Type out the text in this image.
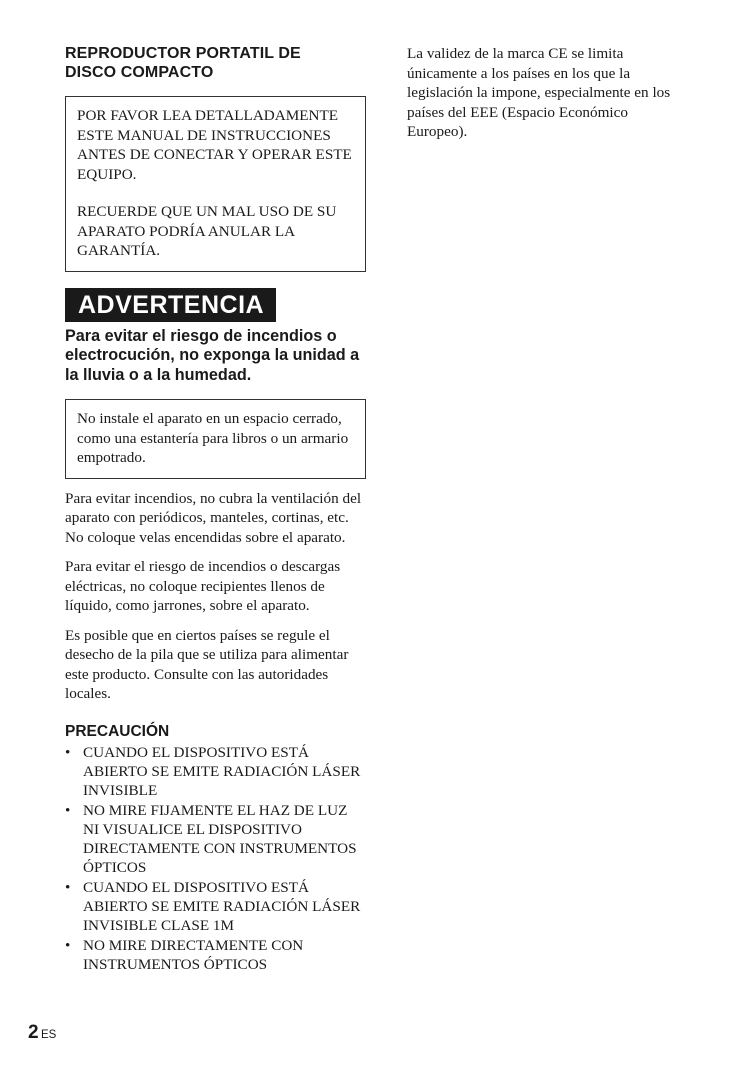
REPRODUCTOR PORTATIL DE
DISCO COMPACTO

POR FAVOR LEA DETALLADAMENTE ESTE MANUAL DE INSTRUCCIONES ANTES DE CONECTAR Y OPERAR ESTE EQUIPO.

RECUERDE QUE UN MAL USO DE SU APARATO PODRÍA ANULAR LA GARANTÍA.

ADVERTENCIA
Para evitar el riesgo de incendios o electrocución, no exponga la unidad a la lluvia o a la humedad.

No instale el aparato en un espacio cerrado, como una estantería para libros o un armario empotrado.

Para evitar incendios, no cubra la ventilación del aparato con periódicos, manteles, cortinas, etc. No coloque velas encendidas sobre el aparato.

Para evitar el riesgo de incendios o descargas eléctricas, no coloque recipientes llenos de líquido, como jarrones, sobre el aparato.

Es posible que en ciertos países se regule el desecho de la pila que se utiliza para alimentar este producto. Consulte con las autoridades locales.

PRECAUCIÓN
• CUANDO EL DISPOSITIVO ESTÁ ABIERTO SE EMITE RADIACIÓN LÁSER INVISIBLE
• NO MIRE FIJAMENTE EL HAZ DE LUZ NI VISUALICE EL DISPOSITIVO DIRECTAMENTE CON INSTRUMENTOS ÓPTICOS
• CUANDO EL DISPOSITIVO ESTÁ ABIERTO SE EMITE RADIACIÓN LÁSER INVISIBLE CLASE 1M
• NO MIRE DIRECTAMENTE CON INSTRUMENTOS ÓPTICOS

La validez de la marca CE se limita únicamente a los países en los que la legislación la impone, especialmente en los países del EEE (Espacio Económico Europeo).

2 ES
